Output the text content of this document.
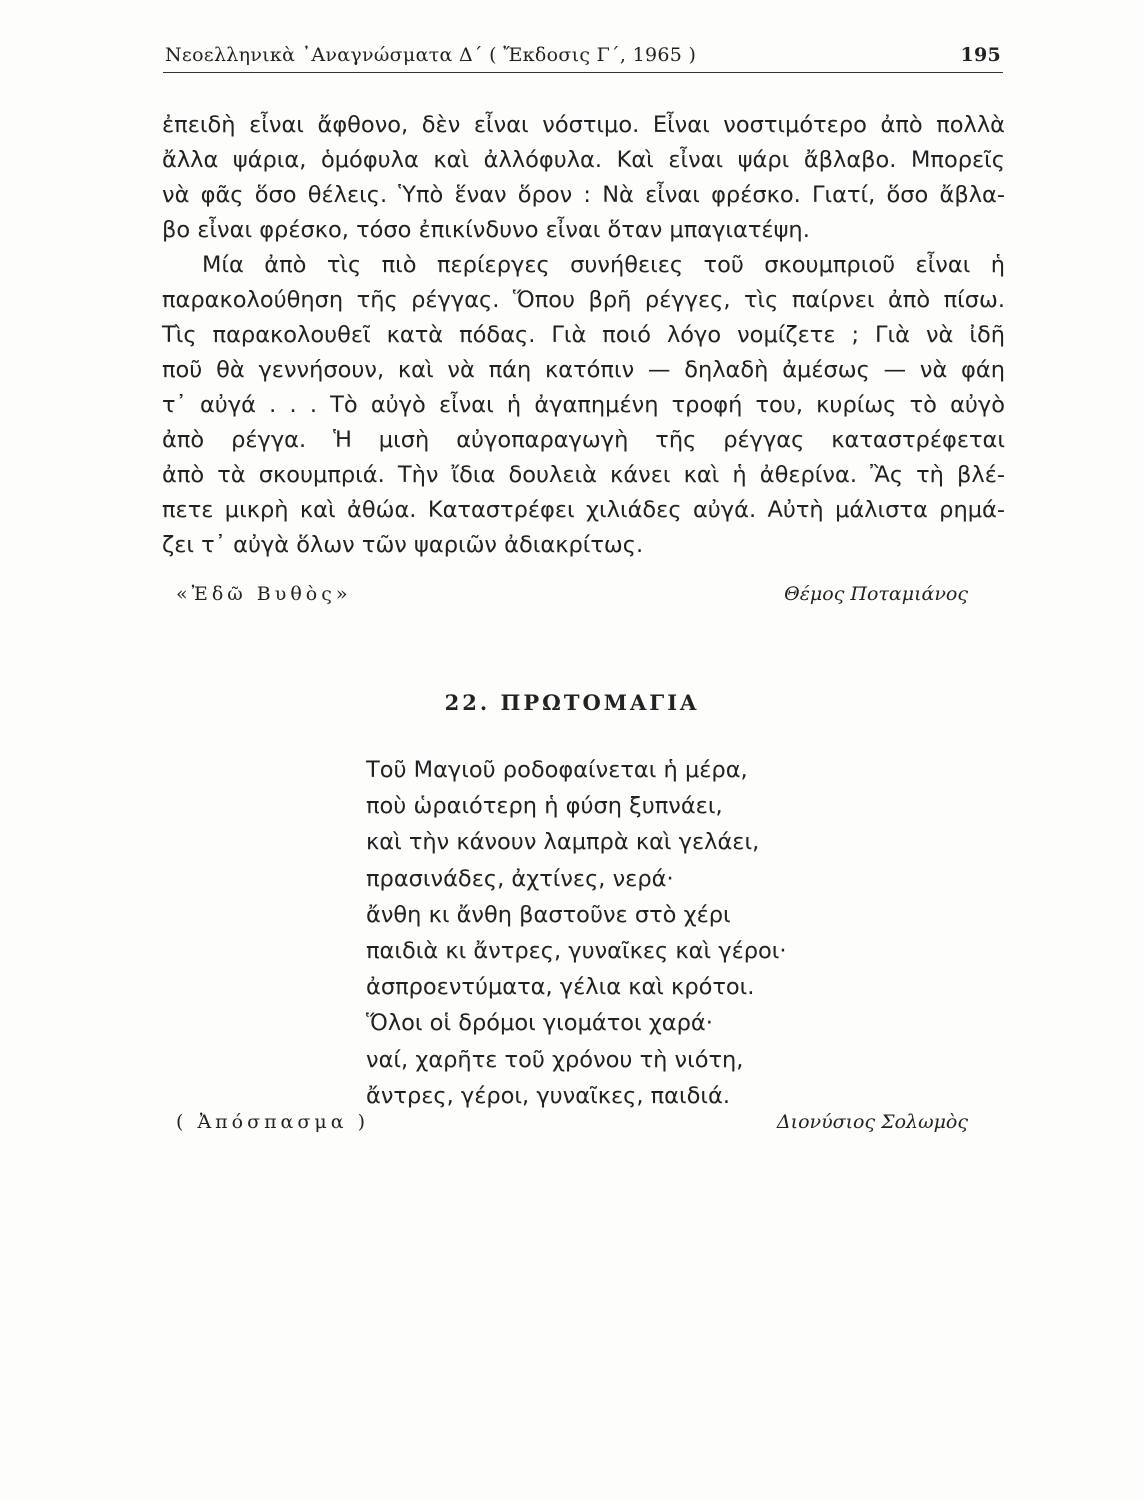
Νεοελληνικὰ ᾿Αναγνώσματα Δ΄ ( Ἔκδοσις Γ΄, 1965 )	195
ἐπειδὴ εἶναι ἄφθονο, δὲν εἶναι νόστιμο. Εἶναι νοστιμότερο ἀπὸ πολλὰ
ἄλλα ψάρια, ὁμόφυλα καὶ ἀλλόφυλα. Καὶ εἶναι ψάρι ἄβλαβο. Μπορεῖς
νὰ φᾶς ὅσο θέλεις. Ὑπὸ ἕναν ὅρον : Νὰ εἶναι φρέσκο. Γιατί, ὅσο ἄβλα-
βο εἶναι φρέσκο, τόσο ἐπικίνδυνο εἶναι ὅταν μπαγιατέψη.
Μία ἀπὸ τὶς πιὸ περίεργες συνήθειες τοῦ σκουμπριοῦ εἶναι ἡ
παρακολούθηση τῆς ρέγγας. Ὅπου βρῆ ρέγγες, τὶς παίρνει ἀπὸ πίσω.
Τὶς παρακολουθεῖ κατὰ πόδας. Γιὰ ποιό λόγο νομίζετε ; Γιὰ νὰ ἰδῆ
ποῦ θὰ γεννήσουν, καὶ νὰ πάη κατόπιν — δηλαδὴ ἀμέσως — νὰ φάη
τ᾿ αὐγά . . . Τὸ αὐγὸ εἶναι ἡ ἀγαπημένη τροφή του, κυρίως τὸ αὐγὸ
ἀπὸ ρέγγα. Ἡ μισὴ αὐγοπαραγωγὴ τῆς ρέγγας καταστρέφεται
ἀπὸ τὰ σκουμπριά. Τὴν ἴδια δουλειὰ κάνει καὶ ἡ ἀθερίνα. Ἂς τὴ βλέ-
πετε μικρὴ καὶ ἀθώα. Καταστρέφει χιλιάδες αὐγά. Αὐτὴ μάλιστα ρημά-
ζει τ᾿ αὐγὰ ὅλων τῶν ψαριῶν ἀδιακρίτως.
«Ἐδῶ Βυθὸς»	Θέμος Ποταμιάνος
22. ΠΡΩΤΟΜΑΓΙΑ
Τοῦ Μαγιοῦ ροδοφαίνεται ἡ μέρα,
ποὺ ὡραιότερη ἡ φύση ξυπνάει,
καὶ τὴν κάνουν λαμπρὰ καὶ γελάει,
πρασινάδες, ἀχτίνες, νερά·
ἄνθη κι ἄνθη βαστοῦνε στὸ χέρι
παιδιὰ κι ἄντρες, γυναῖκες καὶ γέροι·
ἀσπροεντύματα, γέλια καὶ κρότοι.
Ὅλοι οἱ δρόμοι γιομάτοι χαρά·
ναί, χαρῆτε τοῦ χρόνου τὴ νιότη,
ἄντρες, γέροι, γυναῖκες, παιδιά.
( Ἀπόσπασμα )	Διονύσιος Σολωμὸς
